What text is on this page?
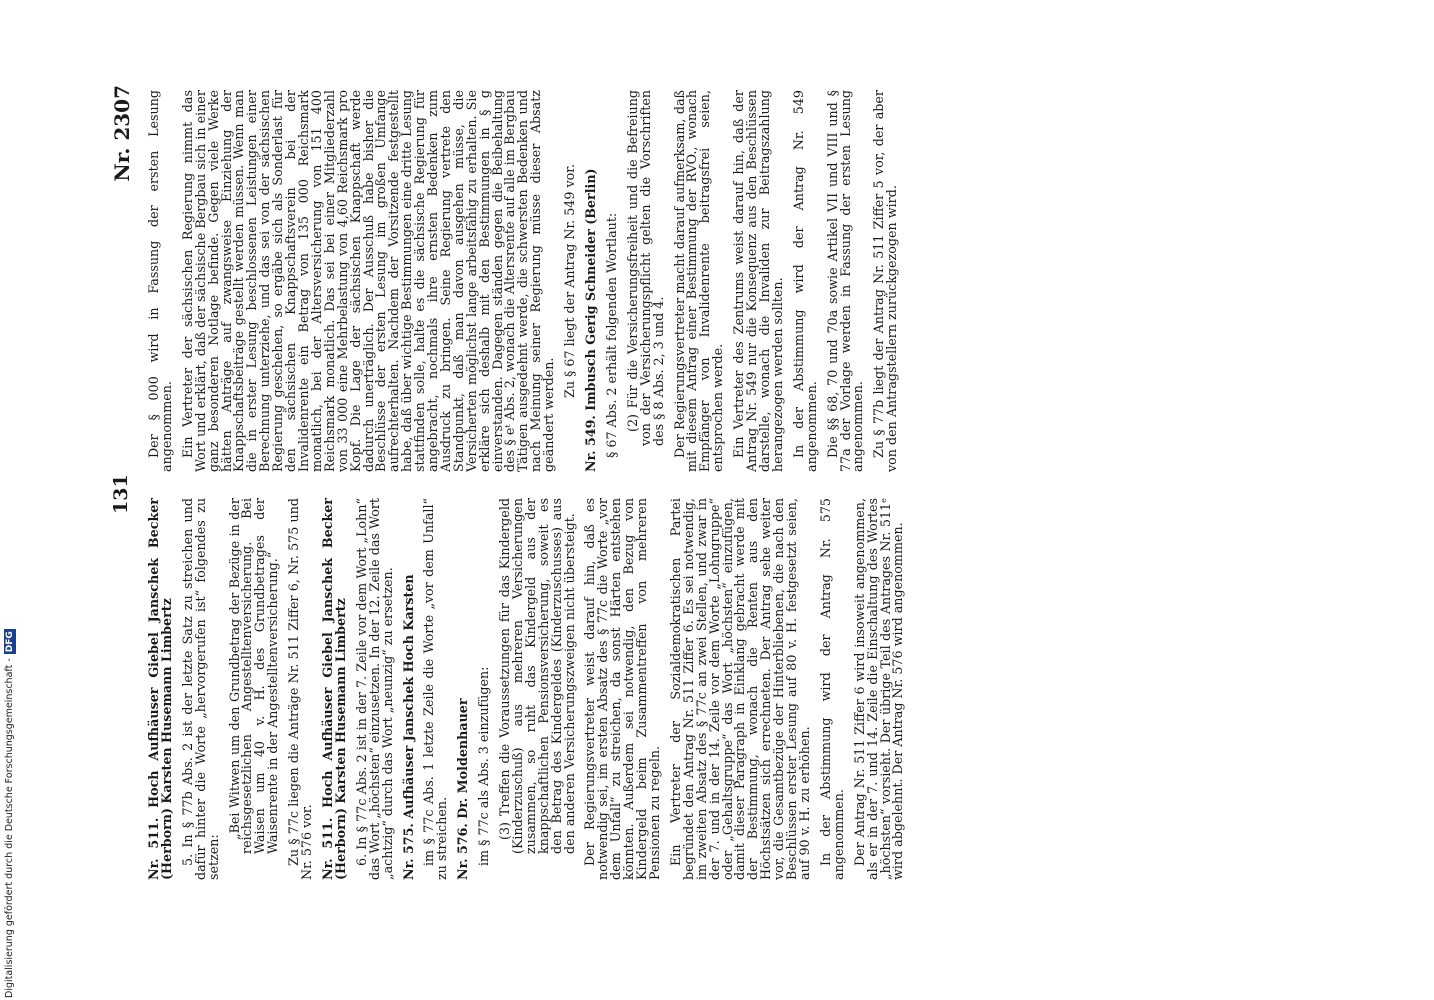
131
Nr. 2307

Nr. 511. Hoch Aufhäuser Giebel Janschek Becker (Herborn) Karsten Husemann Limbertz 5. In § 77b Abs. 2 ist der letzte Satz zu streichen und dafür hinter die Worte „hervorgerufen ist“ folgendes zu setzen:

„Bei Witwen um den Grundbetrag der Bezüge in der reichsgesetzlichen Angestelltenversicherung. Bei Waisen um 40 v. H. des Grundbetrages der Waisenrente in der Angestelltenversicherung.“ Zu § 77c liegen die Anträge Nr. 511 Ziffer 6, Nr. 575 und Nr. 576 vor. Nr. 511. Hoch Aufhäuser Giebel Janschek Becker (Herborn) Karsten Husemann Limbertz 6. In § 77c Abs. 2 ist in der 7. Zeile vor dem Wort „Lohn“ das Wort „höchsten“ einzusetzen. In der 12. Zeile das Wort „achtzig“ durch das Wort „neunzig“ zu ersetzen. Nr. 575. Aufhäuser Janschek Hoch Karsten im § 77c Abs. 1 letzte Zeile die Worte „vor dem Unfall“ zu streichen. Nr. 576. Dr. Moldenhauer im § 77c als Abs. 3 einzufügen: (3) Treffen die Voraussetzungen für das Kindergeld (Kinderzuschuß) aus mehreren Versicherungen zusammen, so ruht das Kindergeld aus der knappschaftlichen Pensionsversicherung, soweit es den Betrag des Kindergeldes (Kinderzuschusses) aus den anderen Versicherungszweigen nicht übersteigt. Der Regierungsvertreter weist darauf hin, daß es notwendig sei, im ersten Absatz des § 77c die Worte „vor dem Unfall“ zu streichen, da sonst Härten entstehen könnten. Außerdem sei notwendig, den Bezug von Kindergeld beim Zusammentreffen von mehreren Pensionen zu regeln. Ein Vertreter der Sozialdemokratischen Partei begründet den Antrag Nr. 511 Ziffer 6. Es sei notwendig, im zweiten Absatz des § 77c an zwei Stellen, und zwar in der 7. und in der 14. Zeile vor dem Worte „Lohngruppe“ oder „Gehaltsgruppe“ das Wort „höchsten“ einzufügen, damit dieser Paragraph in Einklang gebracht werde mit der Bestimmung, wonach die Renten aus den Höchstsätzen sich errechneten. Der Antrag sehe weiter vor, die Gesamtbezüge der Hinterbliebenen, die nach den Beschlüssen erster Lesung auf 80 v. H. festgesetzt seien, auf 90 v. H. zu erhöhen. In der Abstimmung wird der Antrag Nr. 575 angenommen. Der Antrag Nr. 511 Ziffer 6 wird insoweit angenommen, als er in der 7. und 14. Zeile die Einschaltung des Wortes „höchsten“ vorsieht. Der übrige Teil des Antrages Nr. 511ᵉ wird abgelehnt. Der Antrag Nr. 576 wird angenommen.

Der § 000 wird in Fassung der ersten Lesung angenommen. Ein Vertreter der sächsischen Regierung nimmt das Wort und erklärt, daß der sächsische Bergbau sich in einer ganz besonderen Notlage befinde. Gegen viele Werke hätten Anträge auf zwangsweise Einziehung der Knappschaftsbeiträge gestellt werden müssen. Wenn man die in erster Lesung beschlossenen Leistungen einer Berechnung unterziehe, und das sei von der sächsischen Regierung geschehen, so ergäbe sich als Sonderlast für den sächsischen Knappschaftsverein bei der Invalidenrente ein Betrag von 135 000 Reichsmark monatlich, bei der Altersversicherung von 151 400 Reichsmark monatlich. Das sei bei einer Mitgliederzahl von 33 000 eine Mehrbelastung von 4,60 Reichsmark pro Kopf. Die Lage der sächsischen Knappschaft werde dadurch unerträglich. Der Ausschuß habe bisher die Beschlüsse der ersten Lesung im großen Umfange aufrechterhalten. Nachdem der Vorsitzende festgestellt habe, daß über wichtige Bestimmungen eine dritte Lesung stattfinden solle, halte es die sächsische Regierung für angebracht, nochmals ihre ernsten Bedenken zum Ausdruck zu bringen. Seine Regierung vertrete den Standpunkt, daß man davon ausgehen müsse, die Versicherten möglichst lange arbeitsfähig zu erhalten. Sie erkläre sich deshalb mit den Bestimmungen in § g einverstanden. Dagegen ständen gegen die Beibehaltung des § eᵗ Abs. 2, wonach die Altersrente auf alle im Bergbau Tätigen ausgedehnt werde, die schwersten Bedenken und nach Meinung seiner Regierung müsse dieser Absatz geändert werden.

Zu § 67 liegt der Antrag Nr. 549 vor. Nr. 549. Imbusch Gerig Schneider (Berlin) § 67 Abs. 2 erhält folgenden Wortlaut: (2) Für die Versicherungsfreiheit und die Befreiung von der Versicherungspflicht gelten die Vorschriften des § 8 Abs. 2, 3 und 4. Der Regierungsvertreter macht darauf aufmerksam, daß mit diesem Antrag einer Bestimmung der RVO., wonach Empfänger von Invalidenrente beitragsfrei seien, entsprochen werde. Ein Vertreter des Zentrums weist darauf hin, daß der Antrag Nr. 549 nur die Konsequenz aus den Beschlüssen darstelle, wonach die Invaliden zur Beitragszahlung herangezogen werden sollten. In der Abstimmung wird der Antrag Nr. 549 angenommen. Die §§ 68, 70 und 70a sowie Artikel VII und VIII und § 77a der Vorlage werden in Fassung der ersten Lesung angenommen. Zu § 77b liegt der Antrag Nr. 511 Ziffer 5 vor, der aber von den Antragstellern zurückgezogen wird.

Digitalisierung gefördert durch die Deutsche Forschungsgemeinschaft -DFG
